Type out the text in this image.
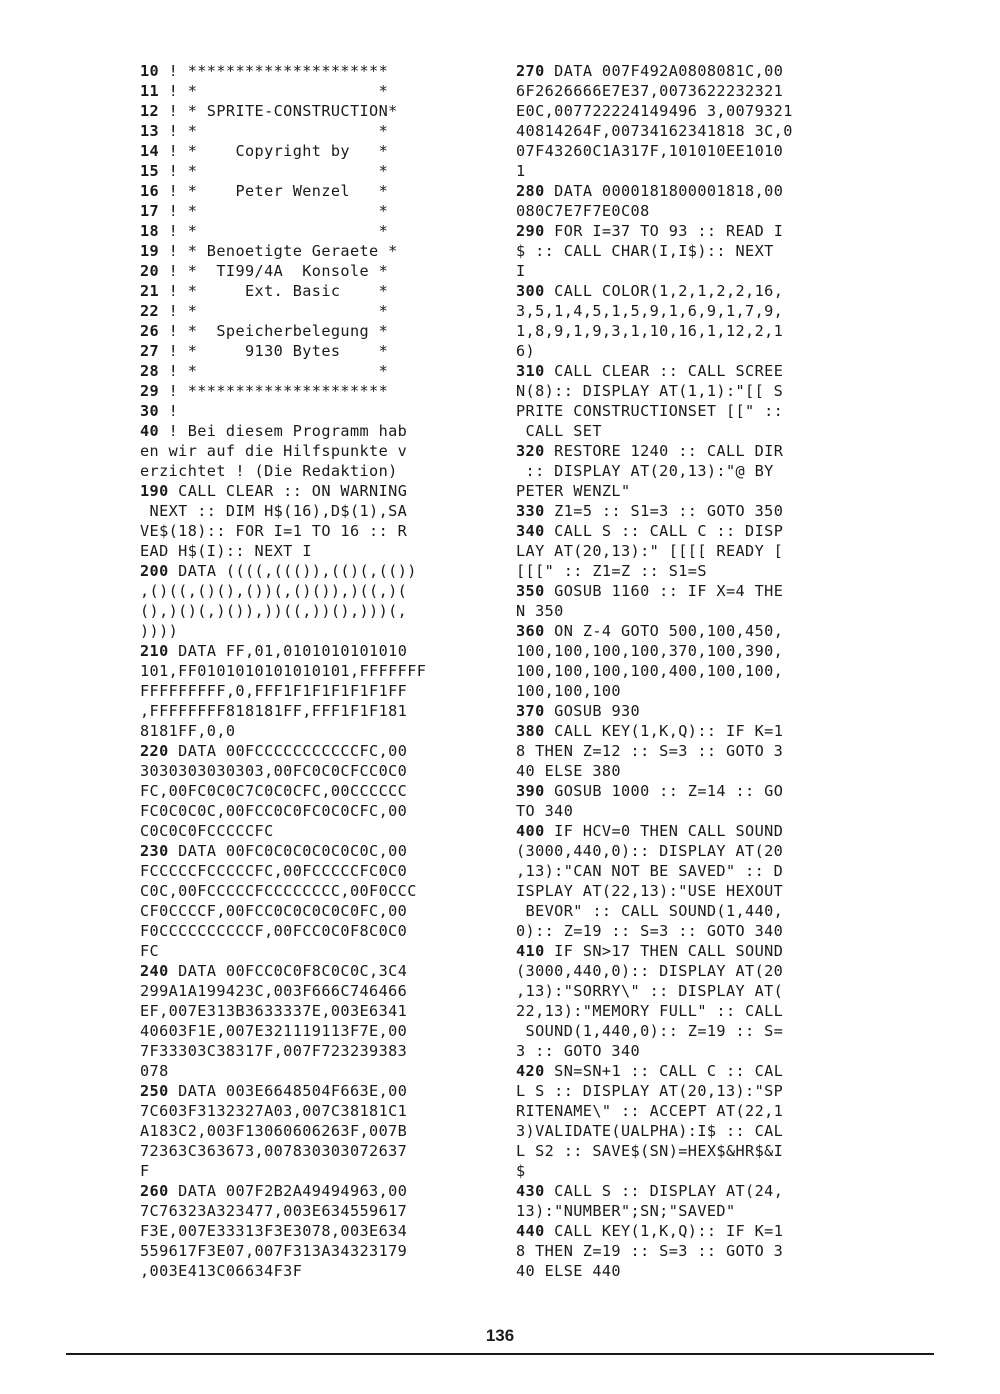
10 ! *********************
11 ! *                   *
12 ! * SPRITE-CONSTRUCTION*
13 ! *                   *
14 ! *    Copyright by   *
15 ! *                   *
16 ! *    Peter Wenzel   *
17 ! *                   *
18 ! *                   *
19 ! * Benoetigte Geraete *
20 ! *  TI99/4A  Konsole *
21 ! *     Ext. Basic    *
22 ! *                   *
26 ! *  Speicherbelegung *
27 ! *     9130 Bytes    *
28 ! *                   *
29 ! *********************
30 !
40 ! Bei diesem Programm hab
en wir auf die Hilfspunkte v
erzichtet ! (Die Redaktion)
190 CALL CLEAR :: ON WARNING
NEXT :: DIM H$(16),D$(1),SA
VE$(18):: FOR I=1 TO 16 :: R
EAD H$(I):: NEXT I
200 DATA ((((,((()),(()(,(())
,()((,()(),())(,()()),)((,)(
(),)()(,)()),))((,))(),)))(,
))))
210 DATA FF,01,0101010101010
101,FF0101010101010101,FFFFFFF
FFFFFFFFF,0,FFF1F1F1F1F1F1FF
,FFFFFFFF818181FF,FFF1F1F181
8181FF,0,0
220 DATA 00FCCCCCCCCCCCFC,00
3030303030303,00FC0C0CFCC0C0
FC,00FC0C0C7C0C0CFC,00CCCCCC
FC0C0C0C,00FCC0C0FC0C0CFC,00
C0C0C0FCCCCCFC
230 DATA 00FC0C0C0C0C0C0C,00
FCCCCCFCCCCCFC,00FCCCCCFC0C0
C0C,00FCCCCCFCCCCCCCC,00F0CCC
CF0CCCCF,00FCC0C0C0C0C0FC,00
F0CCCCCCCCCCF,00FCC0C0F8C0C0
FC
240 DATA 00FCC0C0F8C0C0C,3C4
299A1A199423C,003F666C746466
EF,007E313B3633337E,003E6341
40603F1E,007E321119113F7E,00
7F33303C38317F,007F723239383
078
250 DATA 003E6648504F663E,00
7C603F3132327A03,007C38181C1
A183C2,003F13060606263F,007B
72363C363673,007830303072637
F
260 DATA 007F2B2A49494963,00
7C76323A323477,003E634559617
F3E,007E33313F3E3078,003E634
559617F3E07,007F313A34323179
,003E413C06634F3F
270 DATA 007F492A0808081C,00
6F2626666E7E37,0073622232321
E0C,007722224149496 3,0079321
40814264F,00734162341818 3C,0
07F43260C1A317F,101010EE1010
1
280 DATA 0000181800001818,00
080C7E7F7E0C08
290 FOR I=37 TO 93 :: READ I
$ :: CALL CHAR(I,I$):: NEXT
I
300 CALL COLOR(1,2,1,2,2,16,
3,5,1,4,5,1,5,9,1,6,9,1,7,9,
1,8,9,1,9,3,1,10,16,1,12,2,1
6)
310 CALL CLEAR :: CALL SCREE
N(8):: DISPLAY AT(1,1):"[[ S
PRITE CONSTRUCTIONSET [[" ::
CALL SET
320 RESTORE 1240 :: CALL DIR
:: DISPLAY AT(20,13):"@ BY
PETER WENZL"
330 Z1=5 :: S1=3 :: GOTO 350
340 CALL S :: CALL C :: DISP
LAY AT(20,13):" [[[[ READY [
[[[" :: Z1=Z :: S1=S
350 GOSUB 1160 :: IF X=4 THE
N 350
360 ON Z-4 GOTO 500,100,450,
100,100,100,100,370,100,390,
100,100,100,100,400,100,100,
100,100,100
370 GOSUB 930
380 CALL KEY(1,K,Q):: IF K=1
8 THEN Z=12 :: S=3 :: GOTO 3
40 ELSE 380
390 GOSUB 1000 :: Z=14 :: GO
TO 340
400 IF HCV=0 THEN CALL SOUND
(3000,440,0):: DISPLAY AT(20
,13):"CAN NOT BE SAVED" :: D
ISPLAY AT(22,13):"USE HEXOUT
BEVOR" :: CALL SOUND(1,440,
0):: Z=19 :: S=3 :: GOTO 340
410 IF SN>17 THEN CALL SOUND
(3000,440,0):: DISPLAY AT(20
,13):"SORRY\" :: DISPLAY AT(
22,13):"MEMORY FULL" :: CALL
SOUND(1,440,0):: Z=19 :: S=
3 :: GOTO 340
420 SN=SN+1 :: CALL C :: CAL
L S :: DISPLAY AT(20,13):"SP
RITENAME\" :: ACCEPT AT(22,1
3)VALIDATE(UALPHA):I$ :: CAL
L S2 :: SAVE$(SN)=HEX$&HR$&I
$
430 CALL S :: DISPLAY AT(24,
13):"NUMBER";SN;"SAVED"
440 CALL KEY(1,K,Q):: IF K=1
8 THEN Z=19 :: S=3 :: GOTO 3
40 ELSE 440
136
